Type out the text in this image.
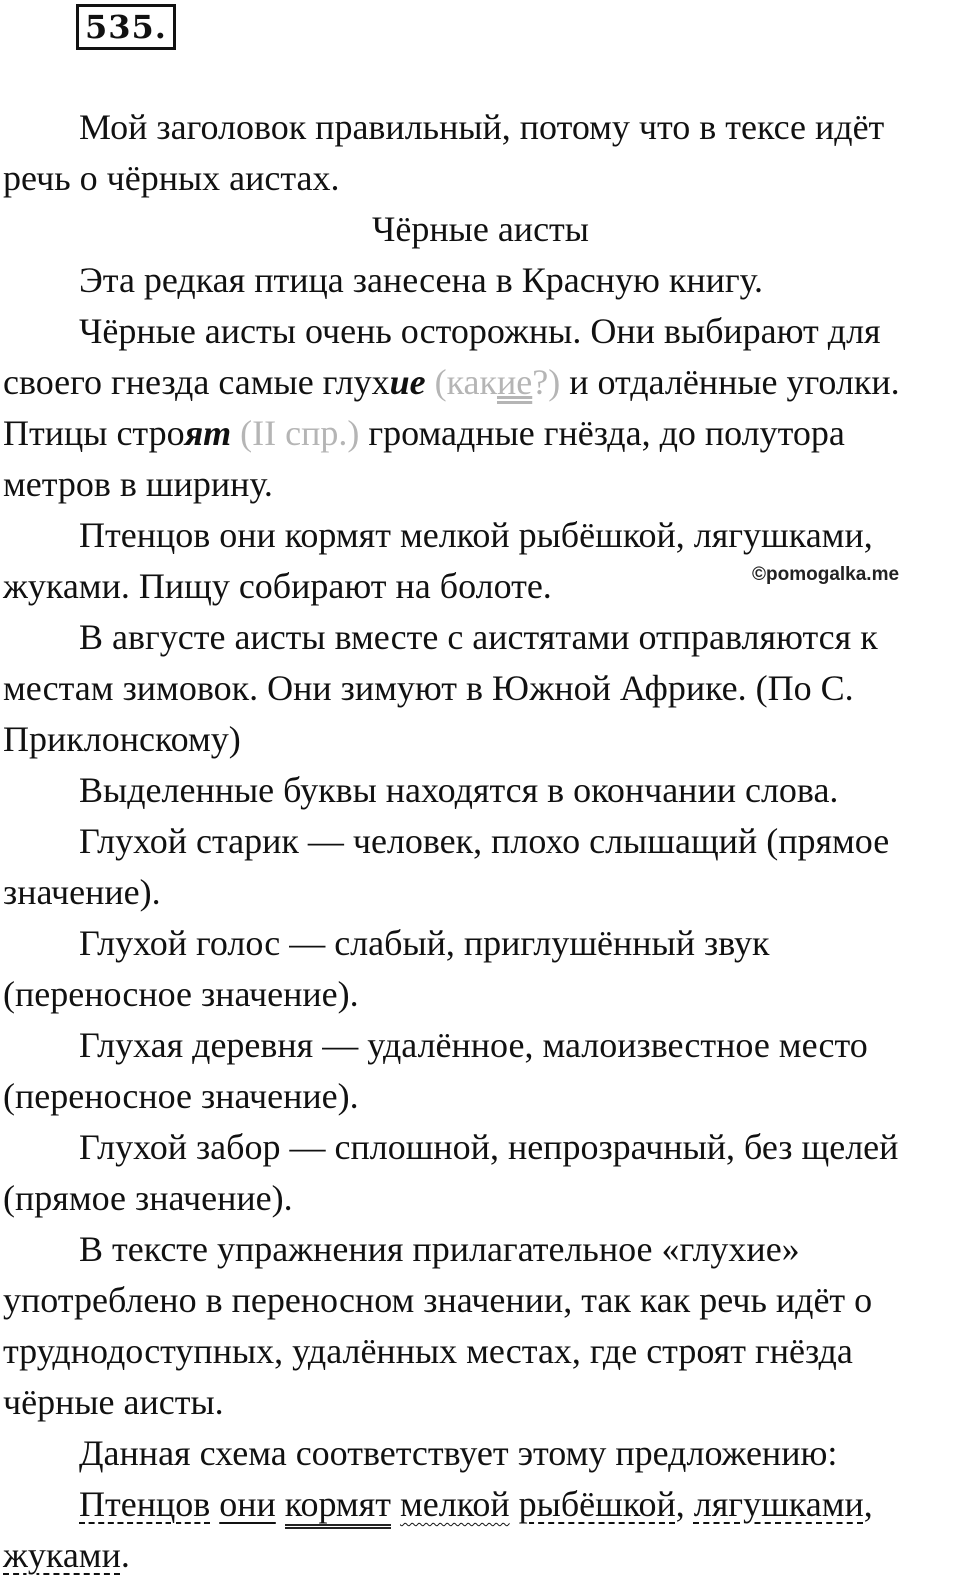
535.
©pomogalka.me

Мой заголовок правильный, потому что в тексе идёт
речь о чёрных аистах.

Чёрные аисты

Эта редкая птица занесена в Красную книгу.

Чёрные аисты очень осторожны. Они выбирают для
своего гнезда самые глухие (какие?) и отдалённые уголки.
Птицы строят (II спр.) громадные гнёзда, до полутора
метров в ширину.

Птенцов они кормят мелкой рыбёшкой, лягушками,
жуками. Пищу собирают на болоте.

В августе аисты вместе с аистятами отправляются к
местам зимовок. Они зимуют в Южной Африке. (По С.
Приклонскому)

Выделенные буквы находятся в окончании слова.

Глухой старик — человек, плохо слышащий (прямое
значение).

Глухой голос — слабый, приглушённый звук
(переносное значение).

Глухая деревня — удалённое, малоизвестное место
(переносное значение).

Глухой забор — сплошной, непрозрачный, без щелей
(прямое значение).

В тексте упражнения прилагательное «глухие»
употреблено в переносном значении, так как речь идёт о
труднодоступных, удалённых местах, где строят гнёзда
чёрные аисты.

Данная схема соответствует этому предложению:

Птенцов они кормят мелкой рыбёшкой, лягушками,
жуками.
